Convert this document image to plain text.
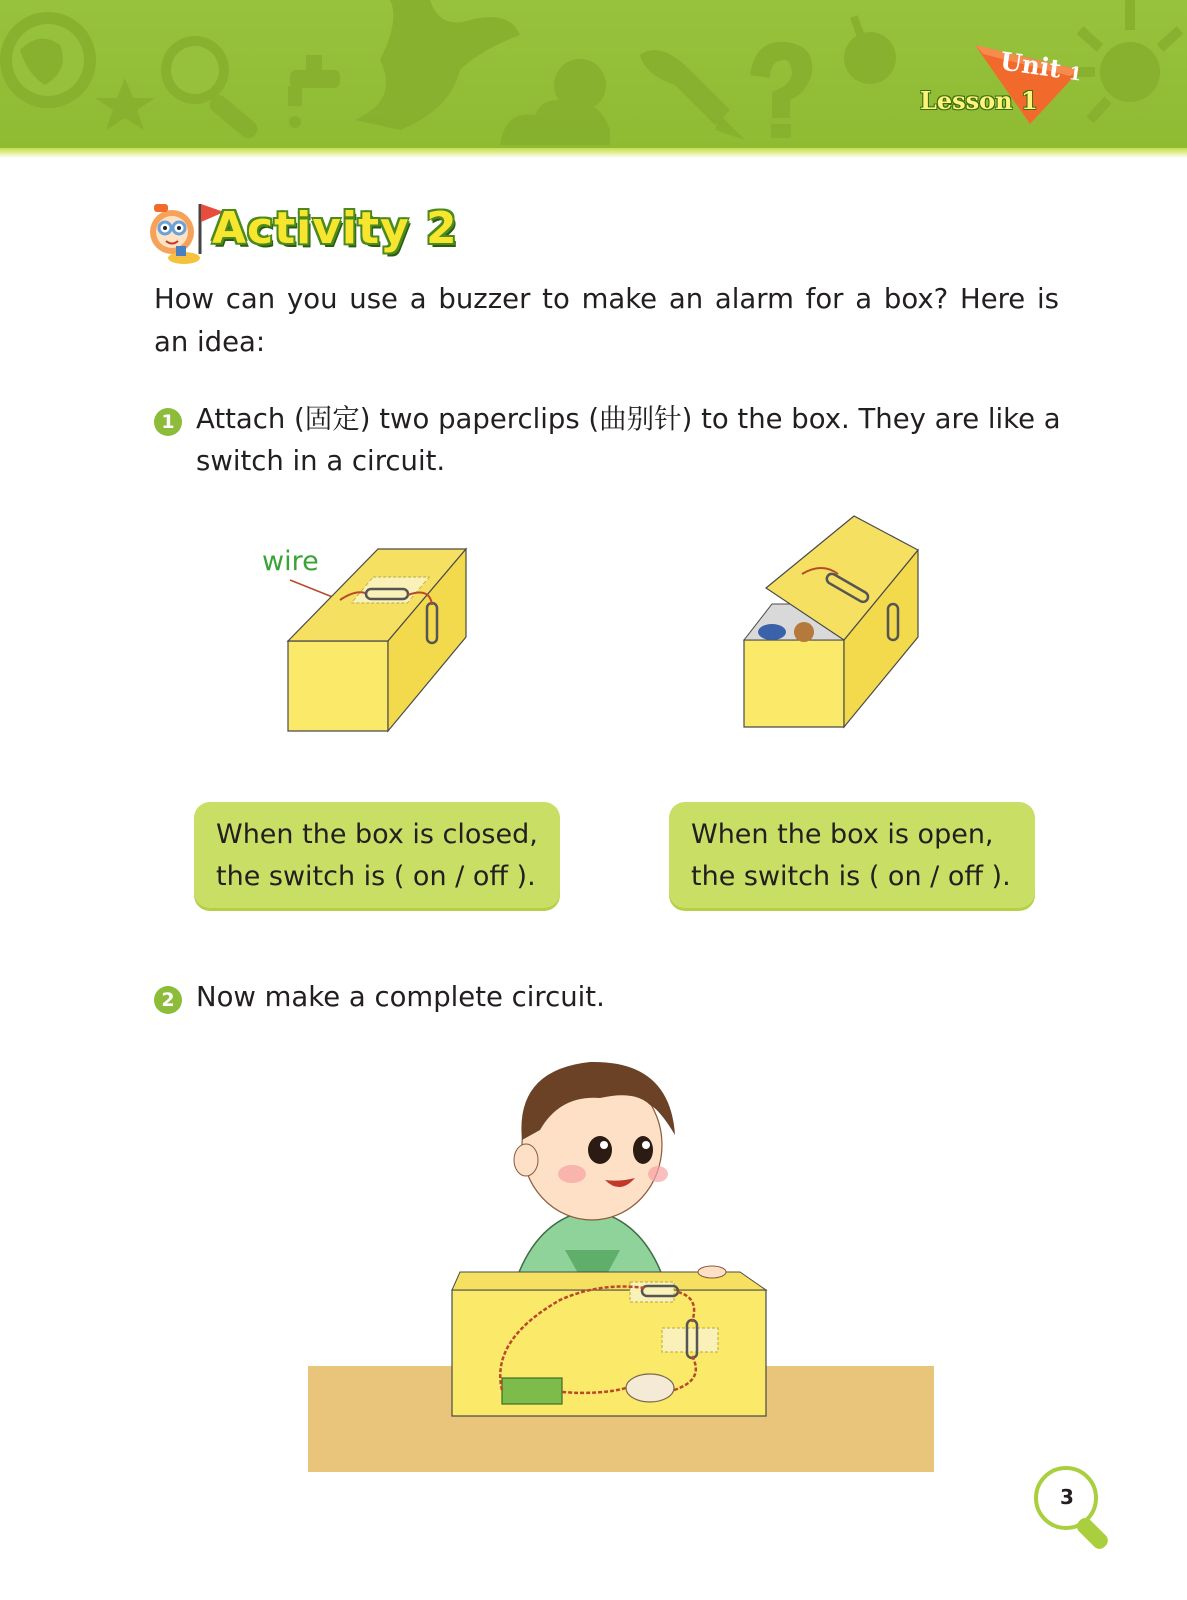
Unit 1
Lesson 1
Activity 2
How can you use a buzzer to make an alarm for a box? Here is an idea:
1 Attach (固定) two paperclips (曲别针) to the box. They are like a
switch in a circuit.
wire
When the box is closed,
the switch is ( on / off ).
When the box is open,
the switch is ( on / off ).
2 Now make a complete circuit.
3
